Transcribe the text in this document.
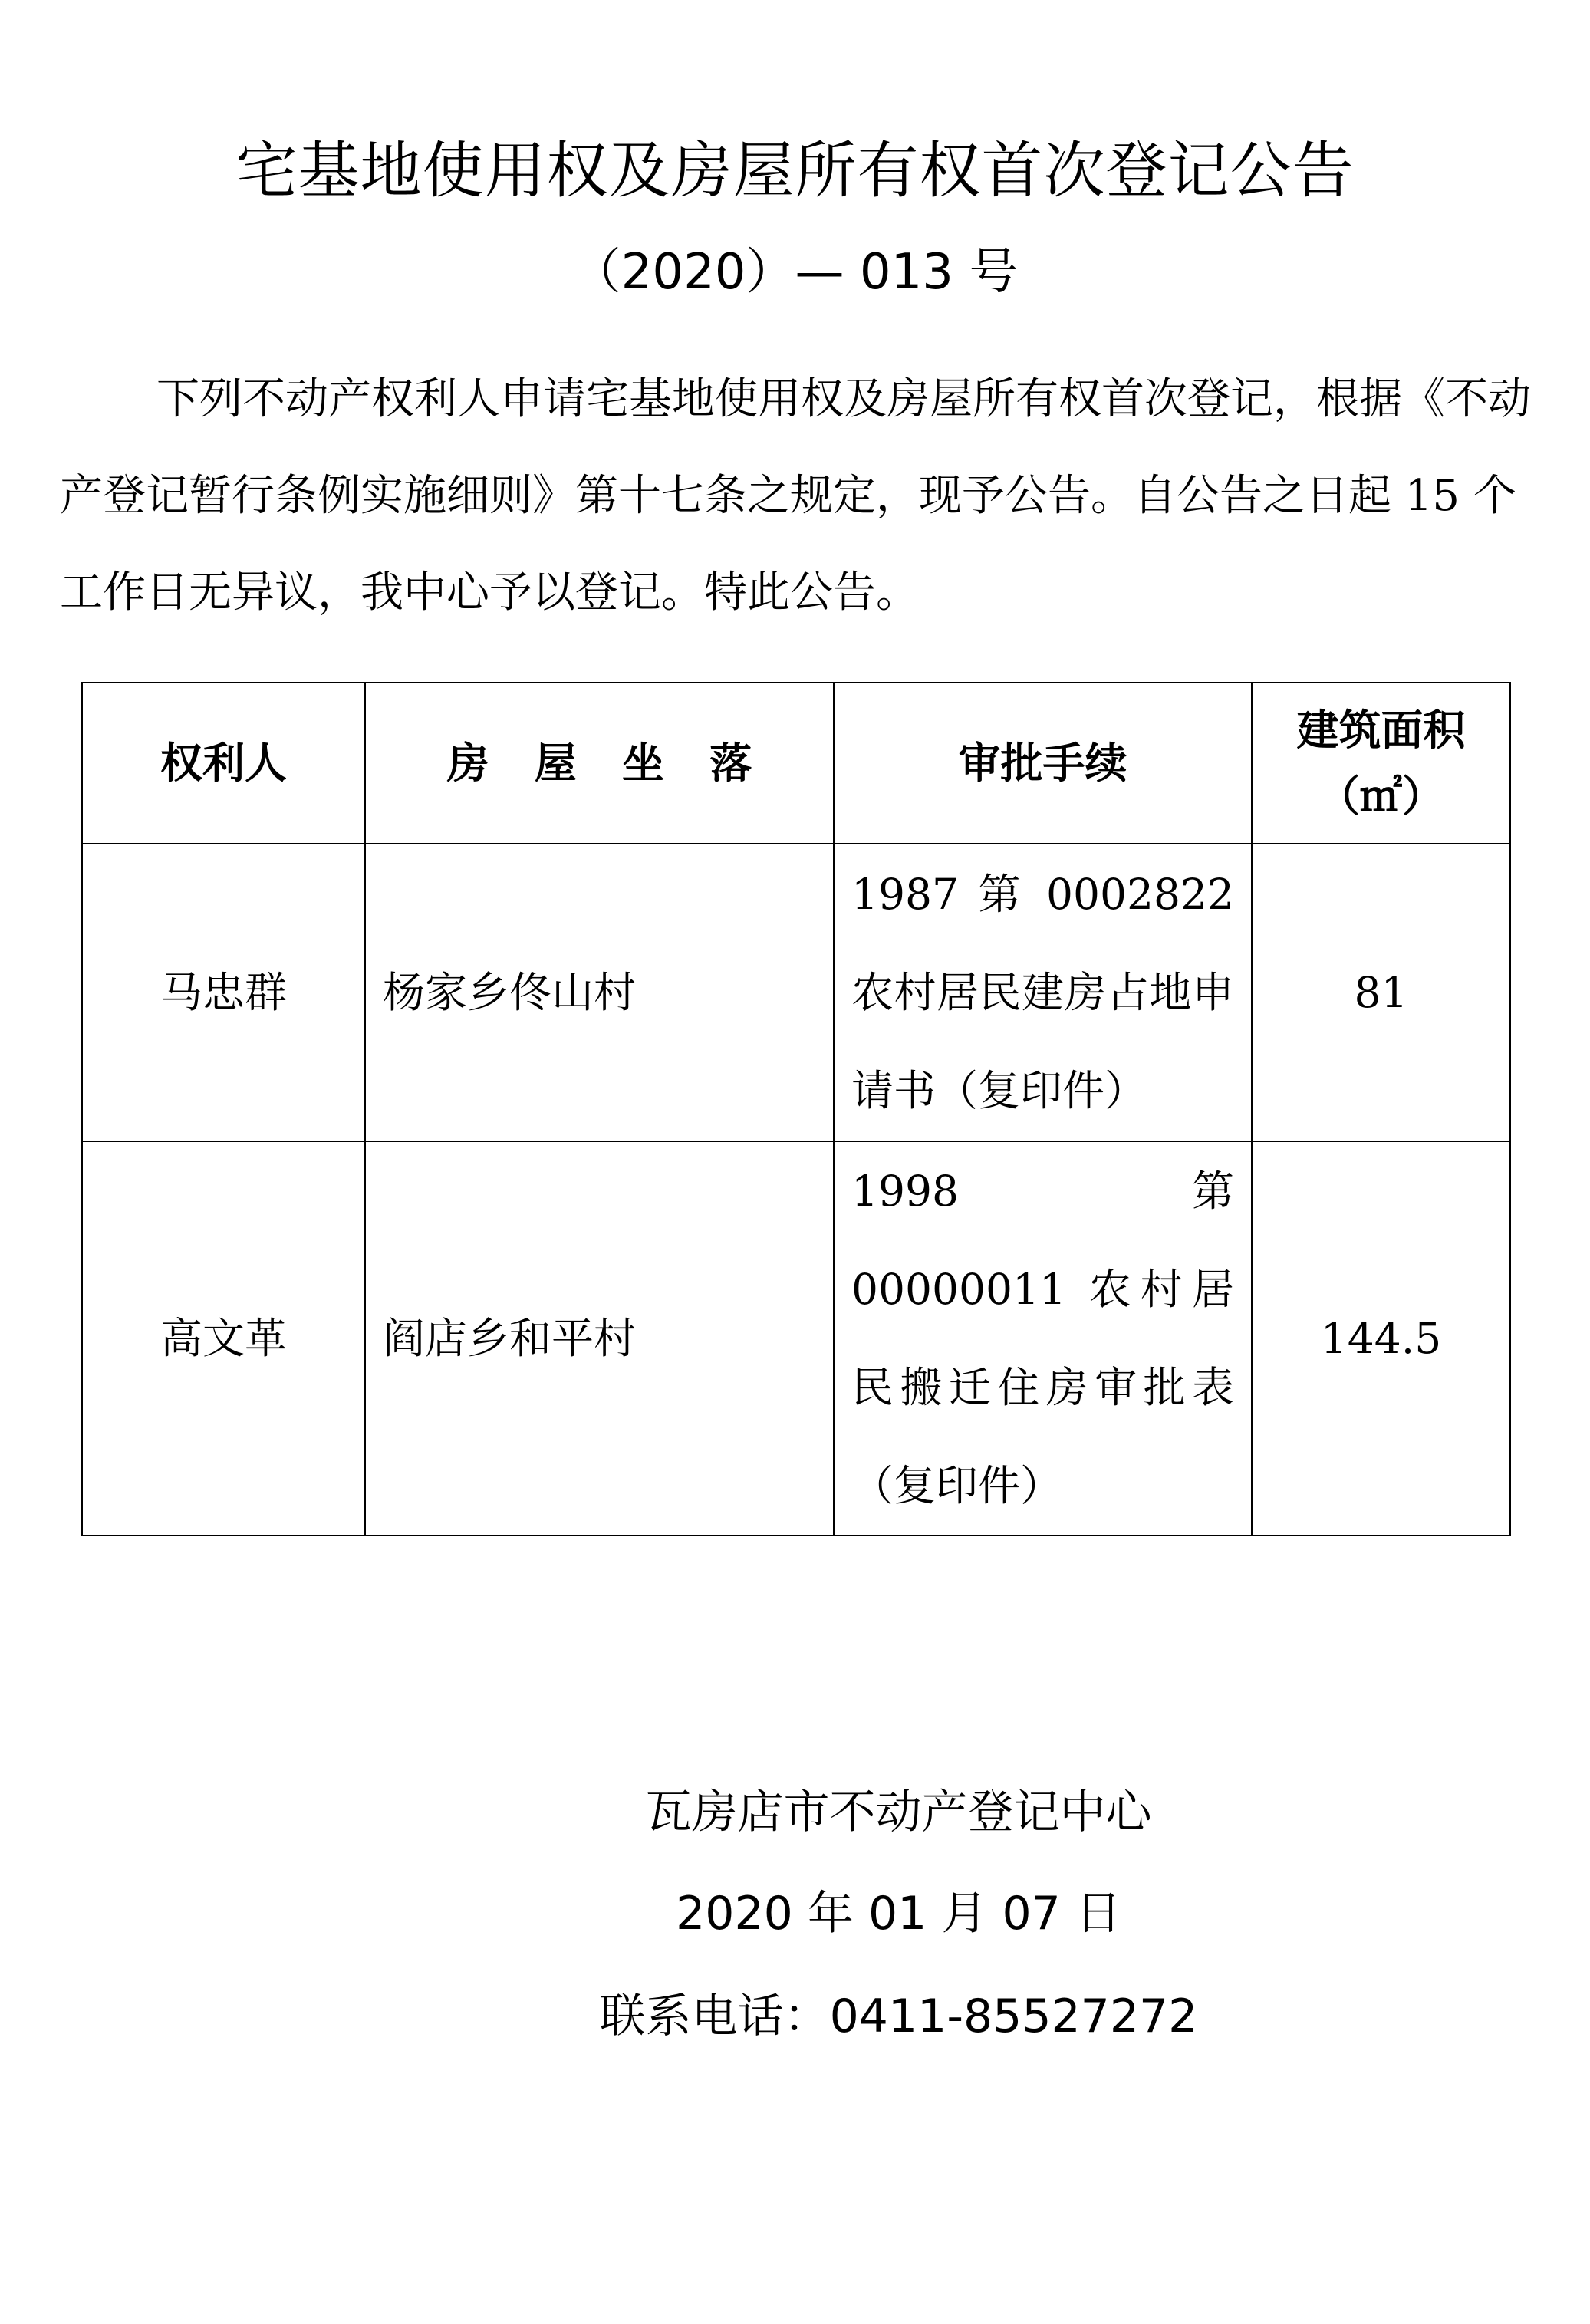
宅基地使用权及房屋所有权首次登记公告
（2020）— 013 号

下列不动产权利人申请宅基地使用权及房屋所有权首次登记，根据《不动产登记暂行条例实施细则》第十七条之规定，现予公告。自公告之日起 15 个工作日无异议，我中心予以登记。特此公告。

权利人	房 屋 坐 落	审批手续	建筑面积
（㎡）

马忠群	杨家乡佟山村	1987 第 0002822 农村居民建房占地申请书（复印件）	81
高文革	阎店乡和平村	1998 第 00000011 农村居民搬迁住房审批表（复印件）	144.5
瓦房店市不动产登记中心
2020 年 01 月 07 日
联系电话：0411-85527272
